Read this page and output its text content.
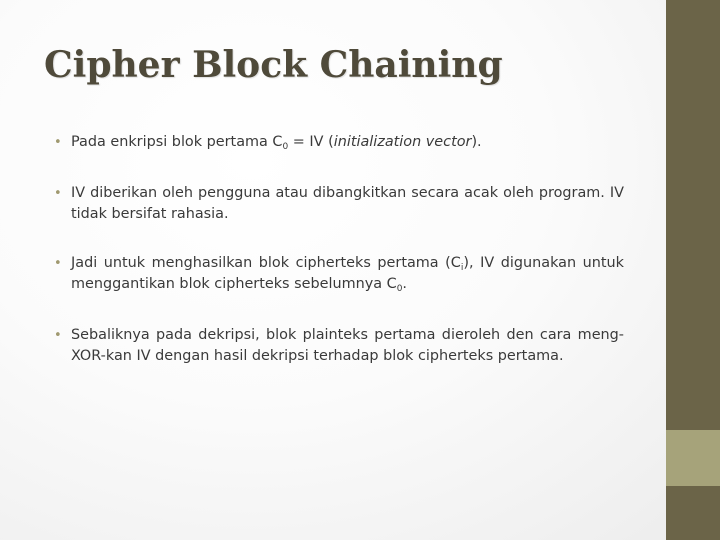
Cipher Block Chaining
• Pada enkripsi blok pertama $C_0$ = IV (initialization vector).
• IV diberikan oleh pengguna atau dibangkitkan secara acak oleh program. IV tidak bersifat rahasia.
• Jadi untuk menghasilkan blok cipherteks pertama $(C_i)$, IV digunakan untuk menggantikan blok cipherteks sebelumnya $C_0$.
• Sebaliknya pada dekripsi, blok plainteks pertama dieroleh den cara meng-XOR-kan IV dengan hasil dekripsi terhadap blok cipherteks pertama.
